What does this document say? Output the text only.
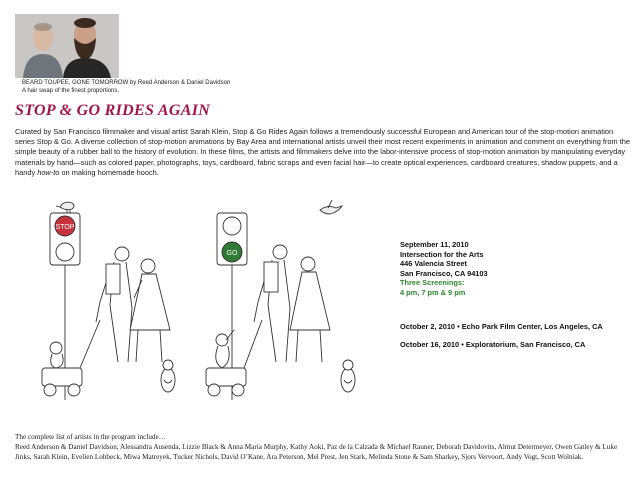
BEARD TOUPEE, GONE TOMORROW by Reed Anderson & Daniel Davidson
A hair swap of the finest proportions.
STOP & GO RIDES AGAIN
Curated by San Francisco filmmaker and visual artist Sarah Klein, Stop & Go Rides Again follows a tremendously successful European and American tour of the stop-motion animation series Stop & Go. A diverse collection of stop-motion animations by Bay Area and international artists unveil their most recent experiments in animation and comment on everything from the simple beauty of a rubber ball to the history of evolution. In these films, the artists and filmmakers delve into the labor-intensive process of stop-motion animation by manipulating everyday materials by hand—such as colored paper, photographs, toys, cardboard, fabric scraps and even facial hair—to create optical experiences, cardboard creatures, shadow puppets, and a handy how-to on making homemade hooch.
STOP
GO
September 11, 2010
Intersection for the Arts
446 Valencia Street
San Francisco, CA 94103
Three Screenings:
4 pm, 7 pm & 9 pm
October 2, 2010 • Echo Park Film Center, Los Angeles, CA
October 16, 2010 • Exploratorium, San Francisco, CA
The complete list of artists in the program include…
Reed Anderson & Daniel Davidson, Alessandra Ausenda, Lizzie Black & Anna Maria Murphy, Kathy Aoki, Paz de la Calzada & Michael Rauner, Deborah Davidovits, Almut Determeyer, Owen Gatley & Luke Jinks, Sarah Klein, Evelien Lohbeck, Miwa Matreyek, Tucker Nichols, David O’Kane, Ara Peterson, Mel Prest, Jen Stark, Melinda Stone & Sam Sharkey, Sjors Vervoort, Andy Vogt, Scott Wolniak.
